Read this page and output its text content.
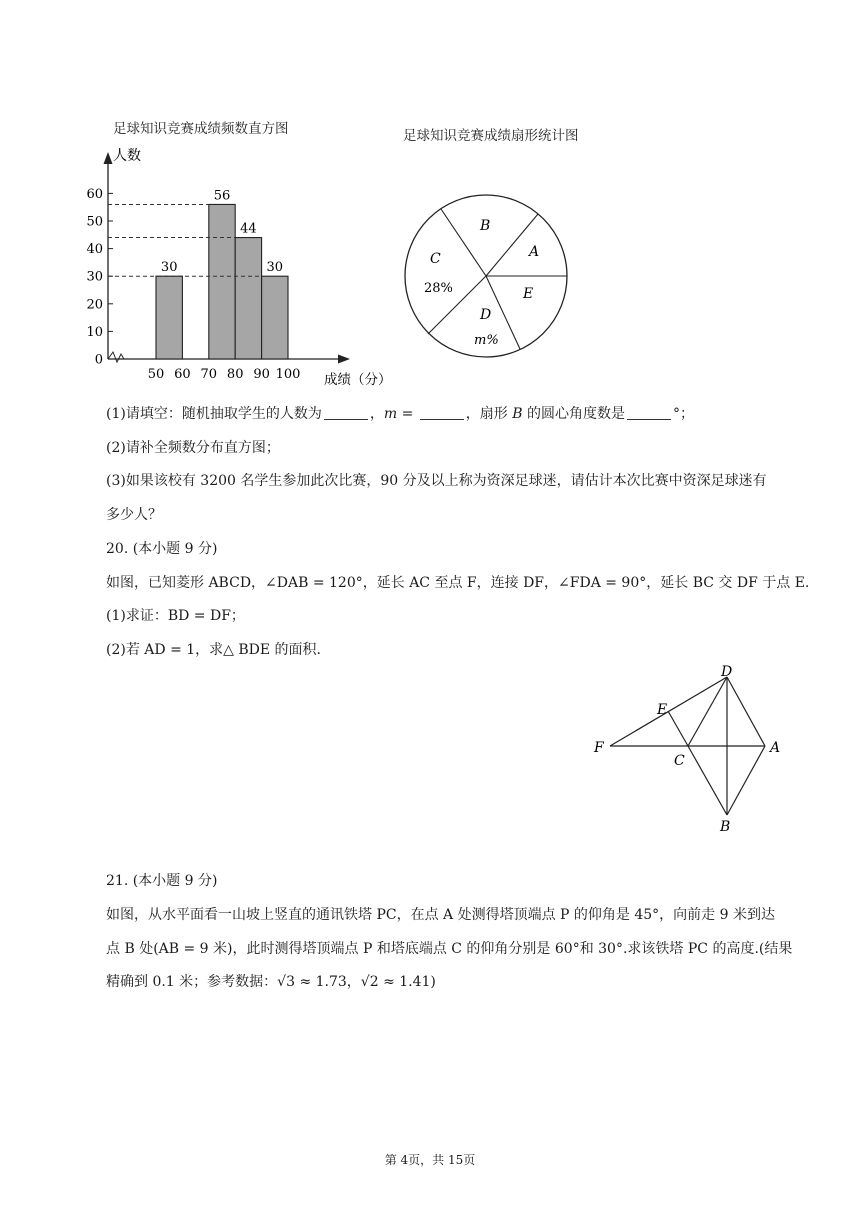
足球知识竞赛成绩频数直方图
0
10
20
30
40
50
60
50 60 70 80 90 100
人数
成绩（分）
30
56
44
30
足球知识竞赛成绩扇形统计图
B
A
C
28%	E
D
m%
(1)请填空：随机抽取学生的人数为	，m =	，扇形 B 的圆心角度数是	°；
(2)请补全频数分布直方图；
(3)如果该校有 3200 名学生参加此次比赛，90 分及以上称为资深足球迷，请估计本次比赛中资深足球迷有
多少人？
20. (本小题 9 分)
如图，已知菱形 ABCD，∠DAB = 120°，延长 AC 至点 F，连接 DF，∠FDA = 90°，延长 BC 交 DF 于点 E.
(1)求证：BD = DF；
(2)若 AD = 1，求△ BDE 的面积.
D
E
F
C
A
B
21. (本小题 9 分)
如图，从水平面看一山坡上竖直的通讯铁塔 PC，在点 A 处测得塔顶端点 P 的仰角是 45°，向前走 9 米到达
点 B 处(AB = 9 米)，此时测得塔顶端点 P 和塔底端点 C 的仰角分别是 60°和 30°.求该铁塔 PC 的高度.(结果
精确到 0.1 米；参考数据：√3 ≈ 1.73，√2 ≈ 1.41)
第 4页，共 15页
